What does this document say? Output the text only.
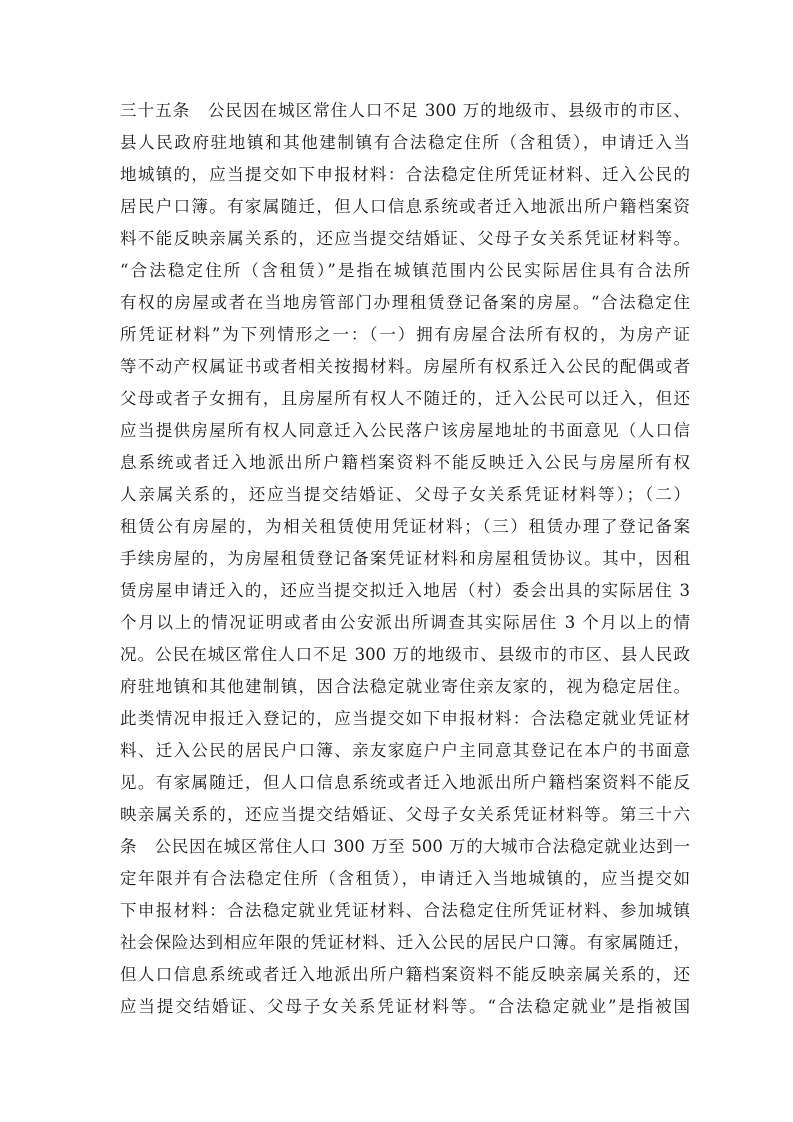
三十五条　公民因在城区常住人口不足 300 万的地级市、县级市的市区、
县人民政府驻地镇和其他建制镇有合法稳定住所（含租赁），申请迁入当
地城镇的，应当提交如下申报材料：合法稳定住所凭证材料、迁入公民的
居民户口簿。有家属随迁，但人口信息系统或者迁入地派出所户籍档案资
料不能反映亲属关系的，还应当提交结婚证、父母子女关系凭证材料等。
“合法稳定住所（含租赁）”是指在城镇范围内公民实际居住具有合法所
有权的房屋或者在当地房管部门办理租赁登记备案的房屋。“合法稳定住
所凭证材料”为下列情形之一：（一）拥有房屋合法所有权的，为房产证
等不动产权属证书或者相关按揭材料。房屋所有权系迁入公民的配偶或者
父母或者子女拥有，且房屋所有权人不随迁的，迁入公民可以迁入，但还
应当提供房屋所有权人同意迁入公民落户该房屋地址的书面意见（人口信
息系统或者迁入地派出所户籍档案资料不能反映迁入公民与房屋所有权
人亲属关系的，还应当提交结婚证、父母子女关系凭证材料等）；（二）
租赁公有房屋的，为相关租赁使用凭证材料；（三）租赁办理了登记备案
手续房屋的，为房屋租赁登记备案凭证材料和房屋租赁协议。其中，因租
赁房屋申请迁入的，还应当提交拟迁入地居（村）委会出具的实际居住 3
个月以上的情况证明或者由公安派出所调查其实际居住 3 个月以上的情
况。公民在城区常住人口不足 300 万的地级市、县级市的市区、县人民政
府驻地镇和其他建制镇，因合法稳定就业寄住亲友家的，视为稳定居住。
此类情况申报迁入登记的，应当提交如下申报材料：合法稳定就业凭证材
料、迁入公民的居民户口簿、亲友家庭户户主同意其登记在本户的书面意
见。有家属随迁，但人口信息系统或者迁入地派出所户籍档案资料不能反
映亲属关系的，还应当提交结婚证、父母子女关系凭证材料等。第三十六
条　公民因在城区常住人口 300 万至 500 万的大城市合法稳定就业达到一
定年限并有合法稳定住所（含租赁），申请迁入当地城镇的，应当提交如
下申报材料：合法稳定就业凭证材料、合法稳定住所凭证材料、参加城镇
社会保险达到相应年限的凭证材料、迁入公民的居民户口簿。有家属随迁，
但人口信息系统或者迁入地派出所户籍档案资料不能反映亲属关系的，还
应当提交结婚证、父母子女关系凭证材料等。“合法稳定就业”是指被国
